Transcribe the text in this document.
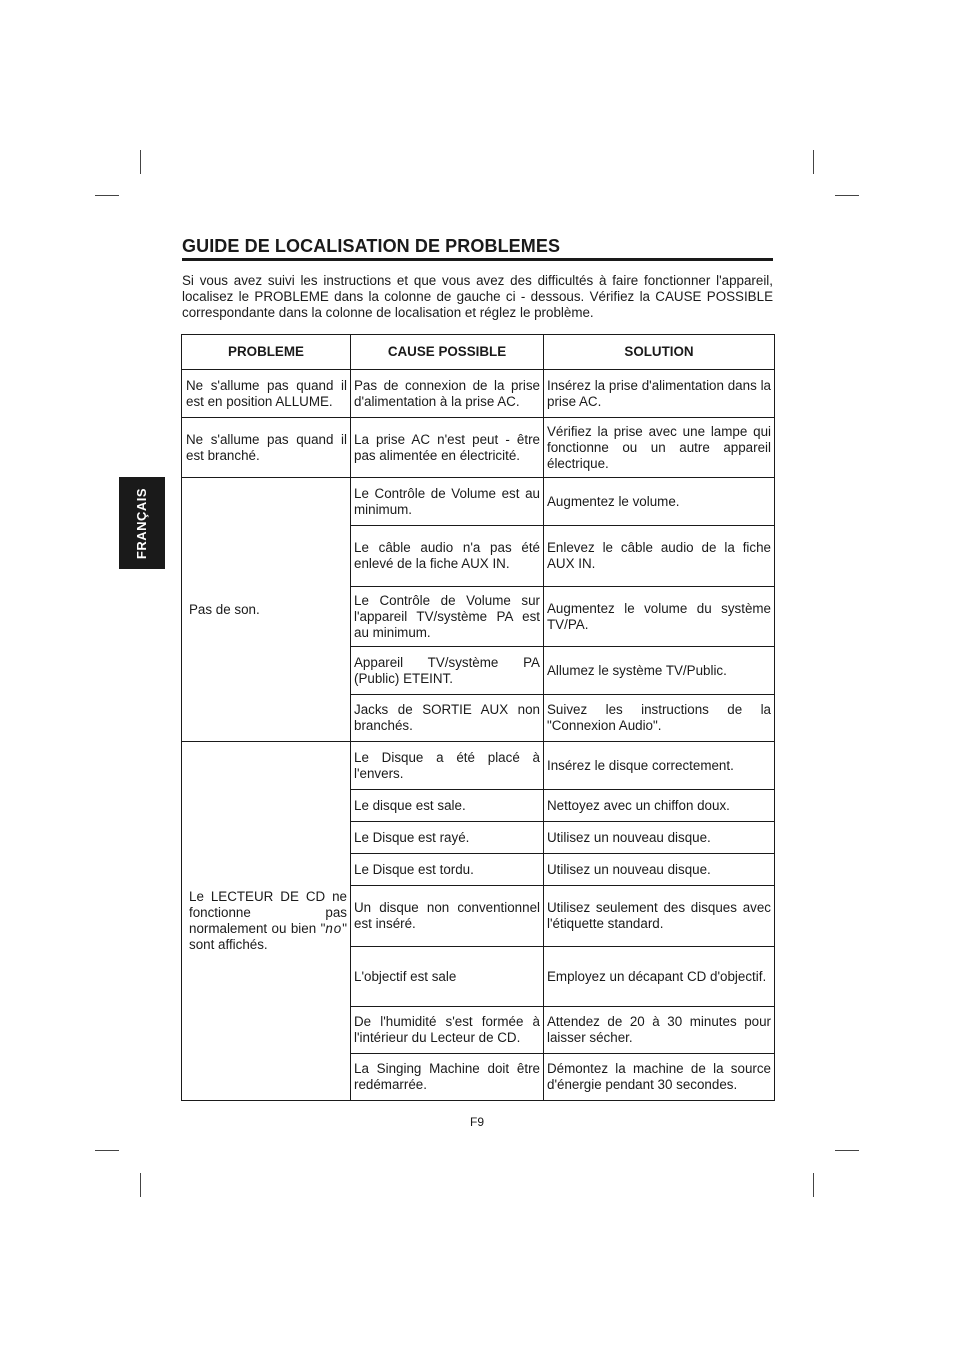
GUIDE DE LOCALISATION DE PROBLEMES

Si vous avez suivi les instructions et que vous avez des difficultés à faire fonctionner l'appareil, localisez le PROBLEME dans la colonne de gauche ci - dessous. Vérifiez la CAUSE POSSIBLE correspondante dans la colonne de localisation et réglez le problème.

FRANÇAIS
PROBLEME	CAUSE POSSIBLE	SOLUTION
Ne s'allume pas quand il est en position ALLUME.	Pas de connexion de la prise d'alimentation à la prise AC.	Insérez la prise d'alimentation dans la prise AC.
Ne s'allume pas quand il est branché.	La prise AC n'est peut - être pas alimentée en électricité.	Vérifiez la prise avec une lampe qui fonctionne ou un autre appareil électrique.
Pas de son.	Le Contrôle de Volume est au minimum.	Augmentez le volume.
	Le câble audio n'a pas été enlevé de la fiche AUX IN.	Enlevez le câble audio de la fiche AUX IN.
	Le Contrôle de Volume sur l'appareil TV/système PA est au minimum.	Augmentez le volume du système TV/PA.
	Appareil TV/système PA (Public) ETEINT.	Allumez le système TV/Public.
	Jacks de SORTIE AUX non branchés.	Suivez les instructions de la "Connexion Audio".
Le LECTEUR DE CD ne fonctionne pas normalement ou bien "no" sont affichés.	Le Disque a été placé à l'envers.	Insérez le disque correctement.
	Le disque est sale.	Nettoyez avec un chiffon doux.
	Le Disque est rayé.	Utilisez un nouveau disque.
	Le Disque est tordu.	Utilisez un nouveau disque.
	Un disque non conventionnel est inséré.	Utilisez seulement des disques avec l'étiquette standard.
	L'objectif est sale	Employez un décapant CD d'objectif.
	De l'humidité s'est formée à l'intérieur du Lecteur de CD.	Attendez de 20 à 30 minutes pour laisser sécher.
	La Singing Machine doit être redémarrée.	Démontez la machine de la source d'énergie pendant 30 secondes.
F9
